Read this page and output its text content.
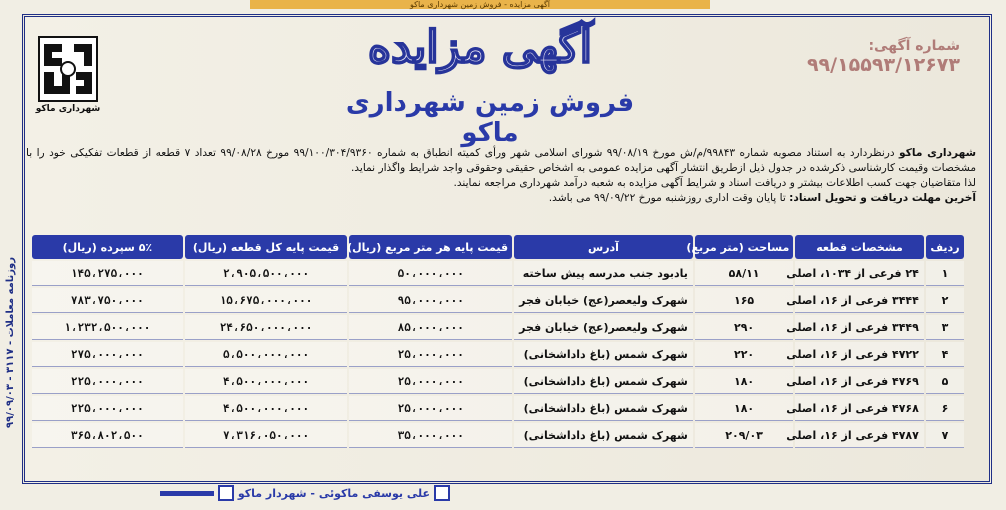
آگهی مزایده - فروش زمین شهرداری ماکو
روزنامه معاملات - ۳۱۱۷ - ۹۹/۰۹/۰۳
شهرداری ماکو
آگهی مزایده
فروش زمین شهرداری ماکو
شماره آگهی:
۹۹/۱۵۵۹۳/۱۲۶۷۳

شهرداری ماکو درنظردارد به استناد مصوبه شماره ۹۹۸۴۳/م/ش مورخ ۹۹/۰۸/۱۹ شورای اسلامی شهر ورأی کمیته انطباق به شماره ۹۹/۱۰۰/۳۰۴/۹۳۶۰ مورخ ۹۹/۰۸/۲۸ تعداد ۷ قطعه از قطعات تفکیکی خود را با مشخصات وقیمت کارشناسی ذکرشده در جدول ذیل ازطریق انتشار آگهی مزایده عمومی به اشخاص حقیقی وحقوقی واجد شرایط واگذار نماید.

لذا متقاضیان جهت کسب اطلاعات بیشتر و دریافت اسناد و شرایط آگهی مزایده به شعبه درآمد شهرداری مراجعه نمایند.

آخرین مهلت دریافت و تحویل اسناد: تا پایان وقت اداری روزشنبه مورخ ۹۹/۰۹/۲۲ می باشد.

ردیف	مشخصات قطعه	مساحت (متر مربع)	آدرس	قیمت پایه هر متر مربع (ریال)	قیمت پایه کل قطعه (ریال)	۵٪ سپرده (ریال)
۱	۲۴ فرعی از ۱۰۳۴، اصلی	۵۸/۱۱	یادبود جنب مدرسه پیش ساخته	۵۰،۰۰۰،۰۰۰	۲،۹۰۵،۵۰۰،۰۰۰	۱۴۵،۲۷۵،۰۰۰
۲	۳۴۴۴ فرعی از ۱۶، اصلی	۱۶۵	شهرک ولیعصر(عج) خیابان فجر	۹۵،۰۰۰،۰۰۰	۱۵،۶۷۵،۰۰۰،۰۰۰	۷۸۳،۷۵۰،۰۰۰
۳	۳۴۴۹ فرعی از ۱۶، اصلی	۲۹۰	شهرک ولیعصر(عج) خیابان فجر	۸۵،۰۰۰،۰۰۰	۲۴،۶۵۰،۰۰۰،۰۰۰	۱،۲۳۲،۵۰۰،۰۰۰
۴	۴۷۲۲ فرعی از ۱۶، اصلی	۲۲۰	شهرک شمس (باغ داداشخانی)	۲۵،۰۰۰،۰۰۰	۵،۵۰۰،۰۰۰،۰۰۰	۲۷۵،۰۰۰،۰۰۰
۵	۴۷۶۹ فرعی از ۱۶، اصلی	۱۸۰	شهرک شمس (باغ داداشخانی)	۲۵،۰۰۰،۰۰۰	۴،۵۰۰،۰۰۰،۰۰۰	۲۲۵،۰۰۰،۰۰۰
۶	۴۷۶۸ فرعی از ۱۶، اصلی	۱۸۰	شهرک شمس (باغ داداشخانی)	۲۵،۰۰۰،۰۰۰	۴،۵۰۰،۰۰۰،۰۰۰	۲۲۵،۰۰۰،۰۰۰
۷	۴۷۸۷ فرعی از ۱۶، اصلی	۲۰۹/۰۳	شهرک شمس (باغ داداشخانی)	۳۵،۰۰۰،۰۰۰	۷،۳۱۶،۰۵۰،۰۰۰	۳۶۵،۸۰۲،۵۰۰
علی یوسفی ماکوئی - شهردار ماکو
